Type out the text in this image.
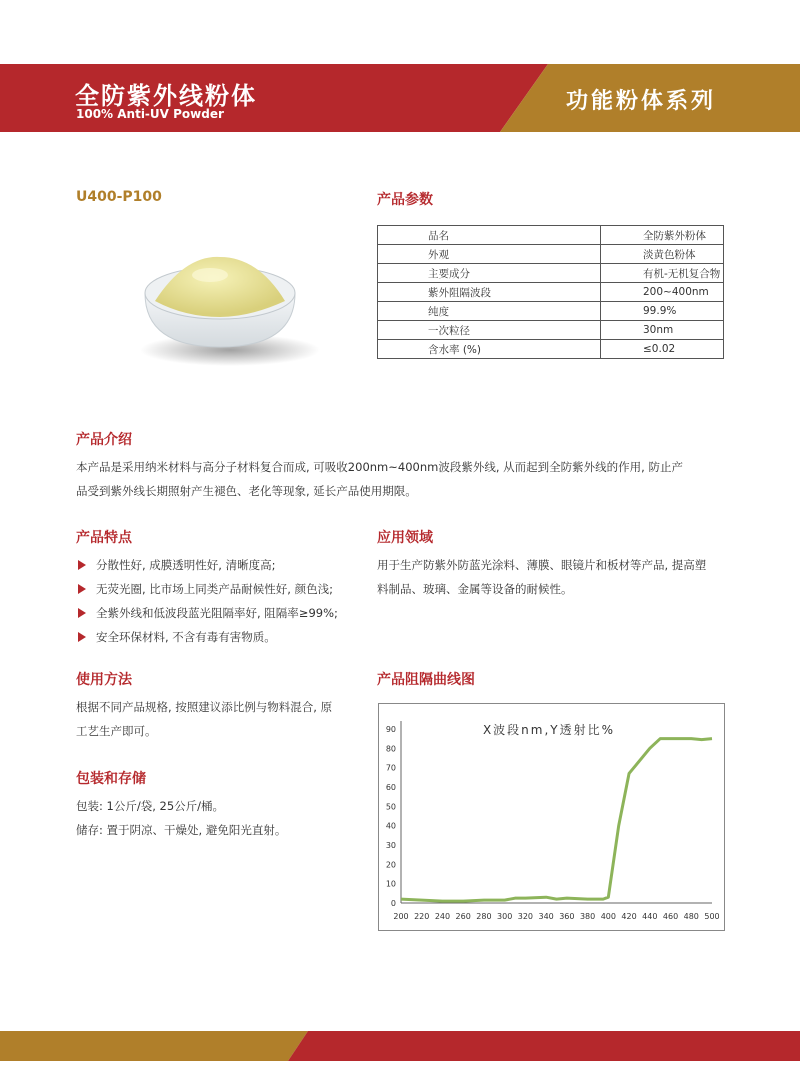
全防紫外线粉体
100% Anti-UV Powder	功能粉体系列
U400-P100	产品参数
品名	全防紫外粉体
外观	淡黄色粉体
主要成分	有机-无机复合物
紫外阻隔波段	200~400nm
纯度	99.9%
一次粒径	30nm
含水率 (%)	≤0.02
产品介绍
本产品是采用纳米材料与高分子材料复合而成, 可吸收200nm~400nm波段紫外线, 从而起到全防紫外线的作用, 防止产
品受到紫外线长期照射产生褪色、老化等现象, 延长产品使用期限。
产品特点
分散性好, 成膜透明性好, 清晰度高;
无荧光圈, 比市场上同类产品耐候性好, 颜色浅;
全紫外线和低波段蓝光阻隔率好, 阻隔率≥99%;
安全环保材料, 不含有毒有害物质。
应用领域
用于生产防紫外防蓝光涂料、薄膜、眼镜片和板材等产品, 提高塑
料制品、玻璃、金属等设备的耐候性。
使用方法
根据不同产品规格, 按照建议添比例与物料混合, 原
工艺生产即可。
包装和存储
包装: 1公斤/袋, 25公斤/桶。
储存: 置于阴凉、干燥处, 避免阳光直射。
产品阻隔曲线图
0
10
20
30
40
50
60
70
80
90
200 220 240 260 280 300 320 340 360 380 400 420 440 460 480 500
X波段nm,Y透射比%
